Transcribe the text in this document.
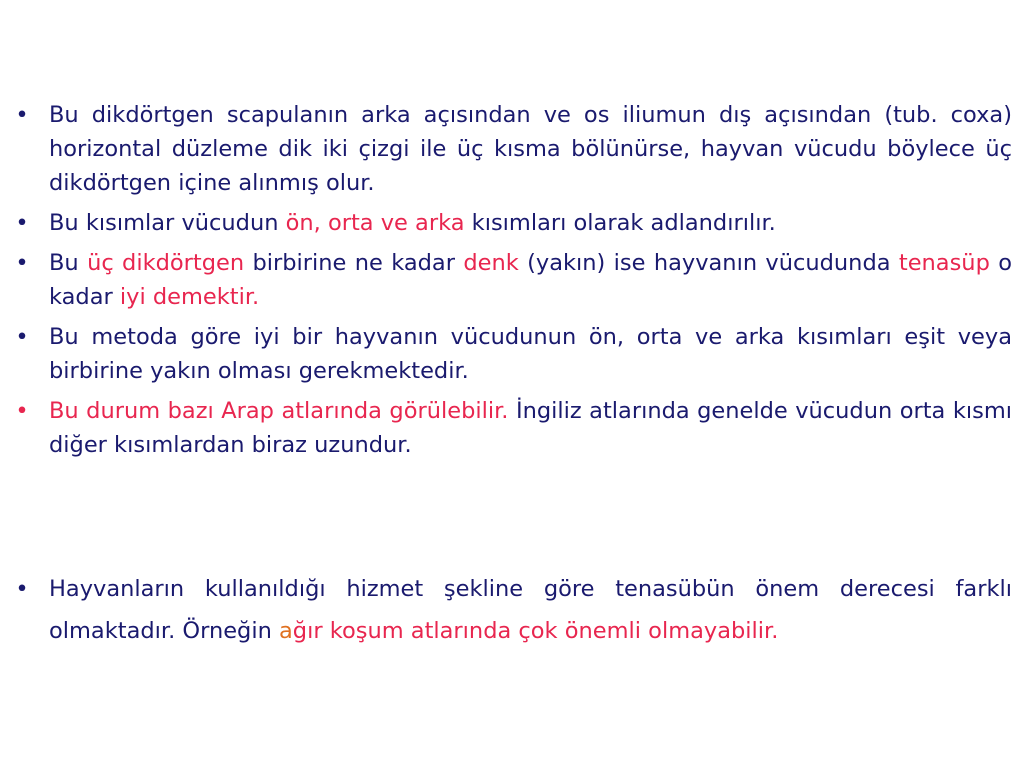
• Bu dikdörtgen scapulanın arka açısından ve os iliumun dış açısından (tub. coxa) horizontal düzleme dik iki çizgi ile üç kısma bölünürse, hayvan vücudu böylece üç dikdörtgen içine alınmış olur.
• Bu kısımlar vücudun ön, orta ve arka kısımları olarak adlandırılır.
• Bu üç dikdörtgen birbirine ne kadar denk (yakın) ise hayvanın vücudunda tenasüp o kadar iyi demektir.
• Bu metoda göre iyi bir hayvanın vücudunun ön, orta ve arka kısımları eşit veya birbirine yakın olması gerekmektedir.
• Bu durum bazı Arap atlarında görülebilir. İngiliz atlarında genelde vücudun orta kısmı diğer kısımlardan biraz uzundur.
• Hayvanların kullanıldığı hizmet şekline göre tenasübün önem derecesi farklı olmaktadır. Örneğin ağır koşum atlarında çok önemli olmayabilir.
